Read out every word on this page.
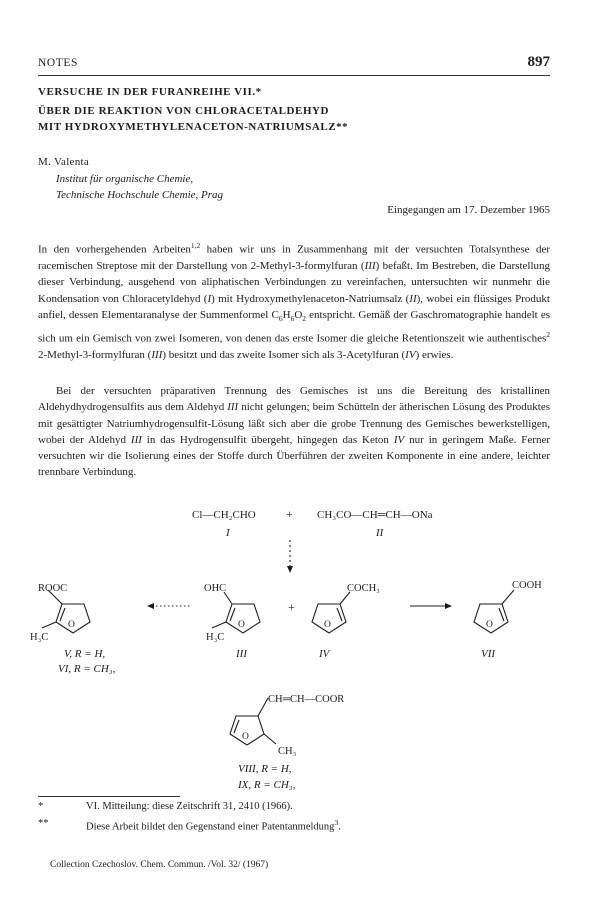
NOTES	897
VERSUCHE IN DER FURANREIHE VII.*
ÜBER DIE REAKTION VON CHLORACETALDEHYD
MIT HYDROXYMETHYLENACETON-NATRIUMSALZ**
M. Valenta
Institut für organische Chemie,
Technische Hochschule Chemie, Prag
Eingegangen am 17. Dezember 1965

In den vorhergehenden Arbeiten$^{1,2}$ haben wir uns in Zusammenhang mit der versuchten Totalsynthese der racemischen Streptose mit der Darstellung von 2-Methyl-3-formylfuran (III) befaßt. Im Bestreben, die Darstellung dieser Verbindung, ausgehend von aliphatischen Verbindungen zu vereinfachen, untersuchten wir nunmehr die Kondensation von Chloracetyldehyd (I) mit Hydroxymethylenaceton-Natriumsalz (II), wobei ein flüssiges Produkt anfiel, dessen Elementaranalyse der Summenformel $C_6H_6O_2$ entspricht. Gemäß der Gaschromatographie handelt es sich um ein Gemisch von zwei Isomeren, von denen das erste Isomer die gleiche Retentionszeit wie authentisches$^2$ 2-Methyl-3-formylfuran (III) besitzt und das zweite Isomer sich als 3-Acetylfuran (IV) erwies.

Bei der versuchten präparativen Trennung des Gemisches ist uns die Bereitung des kristallinen Aldehydhydrogensulfits aus dem Aldehyd III nicht gelungen; beim Schütteln der ätherischen Lösung des Produktes mit gesättigter Natriumhydrogensulfit-Lösung läßt sich aber die grobe Trennung des Gemisches bewerkstelligen, wobei der Aldehyd III in das Hydrogensulfit übergeht, hingegen das Keton IV nur in geringem Maße. Ferner versuchten wir die Isolierung eines der Stoffe durch Überführen der zweiten Komponente in eine andere, leichter trennbare Verbindung.

Cl—CH₂CHO	+ CH₃CO—CH═CH—ONa
I	II
ROOC
H₃C
O
OHC
H₃C
O
+
COCH₃
O
COOH
O
V, R = H,
VI, R = CH₃,
III	IV	VII
CH═CH—COOR
CH₃
O
VIII, R = H,
IX, R = CH₃,
*	VI. Mitteilung: diese Zeitschrift 31, 2410 (1966).
**	Diese Arbeit bildet den Gegenstand einer Patentanmeldung$^3$.
Collection Czechoslov. Chem. Commun. /Vol. 32/ (1967)
